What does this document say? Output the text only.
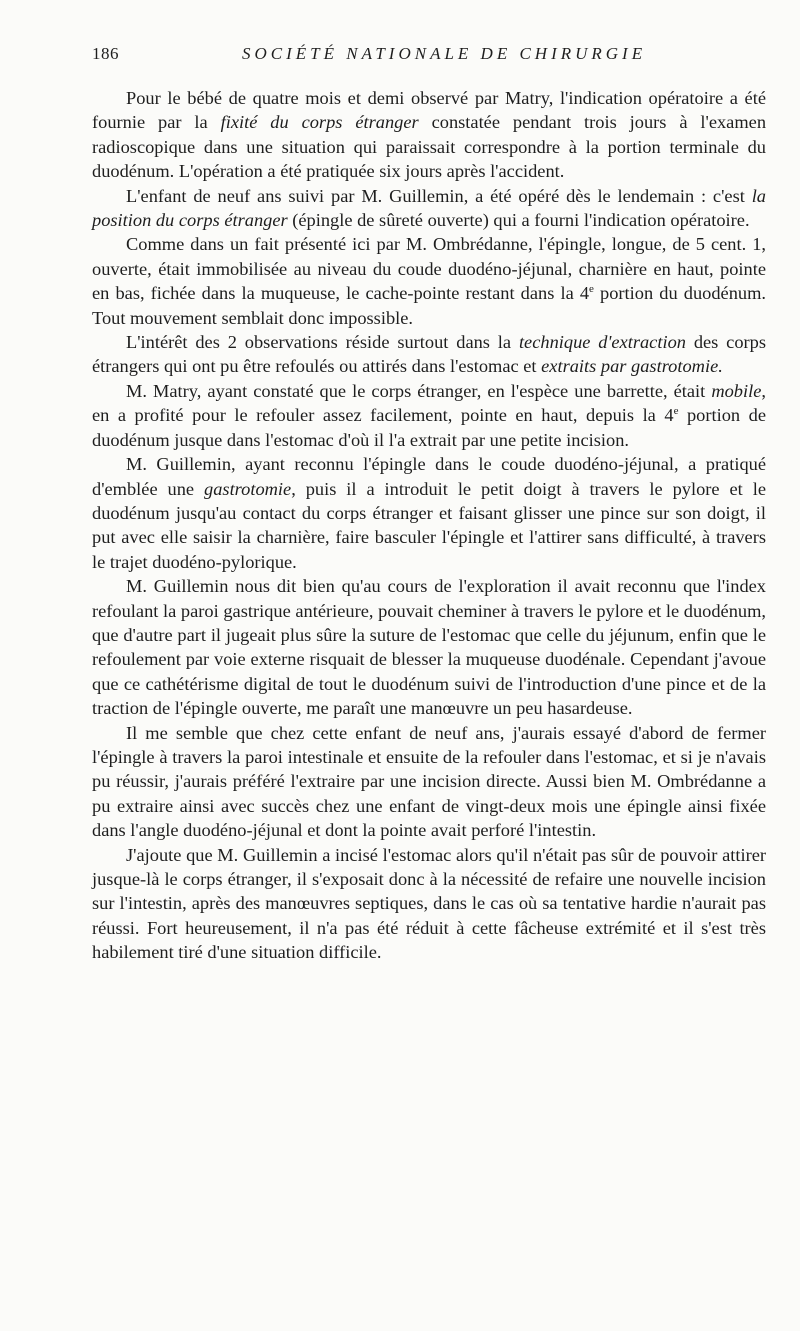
186	SOCIÉTÉ NATIONALE DE CHIRURGIE

Pour le bébé de quatre mois et demi observé par Matry, l'indication opératoire a été fournie par la fixité du corps étranger constatée pendant trois jours à l'examen radioscopique dans une situation qui paraissait correspondre à la portion terminale du duodénum. L'opération a été pratiquée six jours après l'accident.

L'enfant de neuf ans suivi par M. Guillemin, a été opéré dès le lendemain : c'est la position du corps étranger (épingle de sûreté ouverte) qui a fourni l'indication opératoire.

Comme dans un fait présenté ici par M. Ombrédanne, l'épingle, longue, de 5 cent. 1, ouverte, était immobilisée au niveau du coude duodéno-jéjunal, charnière en haut, pointe en bas, fichée dans la muqueuse, le cache-pointe restant dans la 4e portion du duodénum. Tout mouvement semblait donc impossible.

L'intérêt des 2 observations réside surtout dans la technique d'extraction des corps étrangers qui ont pu être refoulés ou attirés dans l'estomac et extraits par gastrotomie.

M. Matry, ayant constaté que le corps étranger, en l'espèce une barrette, était mobile, en a profité pour le refouler assez facilement, pointe en haut, depuis la 4e portion de duodénum jusque dans l'estomac d'où il l'a extrait par une petite incision.

M. Guillemin, ayant reconnu l'épingle dans le coude duodéno-jéjunal, a pratiqué d'emblée une gastrotomie, puis il a introduit le petit doigt à travers le pylore et le duodénum jusqu'au contact du corps étranger et faisant glisser une pince sur son doigt, il put avec elle saisir la charnière, faire basculer l'épingle et l'attirer sans difficulté, à travers le trajet duodéno-pylorique.

M. Guillemin nous dit bien qu'au cours de l'exploration il avait reconnu que l'index refoulant la paroi gastrique antérieure, pouvait cheminer à travers le pylore et le duodénum, que d'autre part il jugeait plus sûre la suture de l'estomac que celle du jéjunum, enfin que le refoulement par voie externe risquait de blesser la muqueuse duodénale. Cependant j'avoue que ce cathétérisme digital de tout le duodénum suivi de l'introduction d'une pince et de la traction de l'épingle ouverte, me paraît une manœuvre un peu hasardeuse.

Il me semble que chez cette enfant de neuf ans, j'aurais essayé d'abord de fermer l'épingle à travers la paroi intestinale et ensuite de la refouler dans l'estomac, et si je n'avais pu réussir, j'aurais préféré l'extraire par une incision directe. Aussi bien M. Ombrédanne a pu extraire ainsi avec succès chez une enfant de vingt-deux mois une épingle ainsi fixée dans l'angle duodéno-jéjunal et dont la pointe avait perforé l'intestin.

J'ajoute que M. Guillemin a incisé l'estomac alors qu'il n'était pas sûr de pouvoir attirer jusque-là le corps étranger, il s'exposait donc à la nécessité de refaire une nouvelle incision sur l'intestin, après des manœuvres septiques, dans le cas où sa tentative hardie n'aurait pas réussi. Fort heureusement, il n'a pas été réduit à cette fâcheuse extrémité et il s'est très habilement tiré d'une situation difficile.
